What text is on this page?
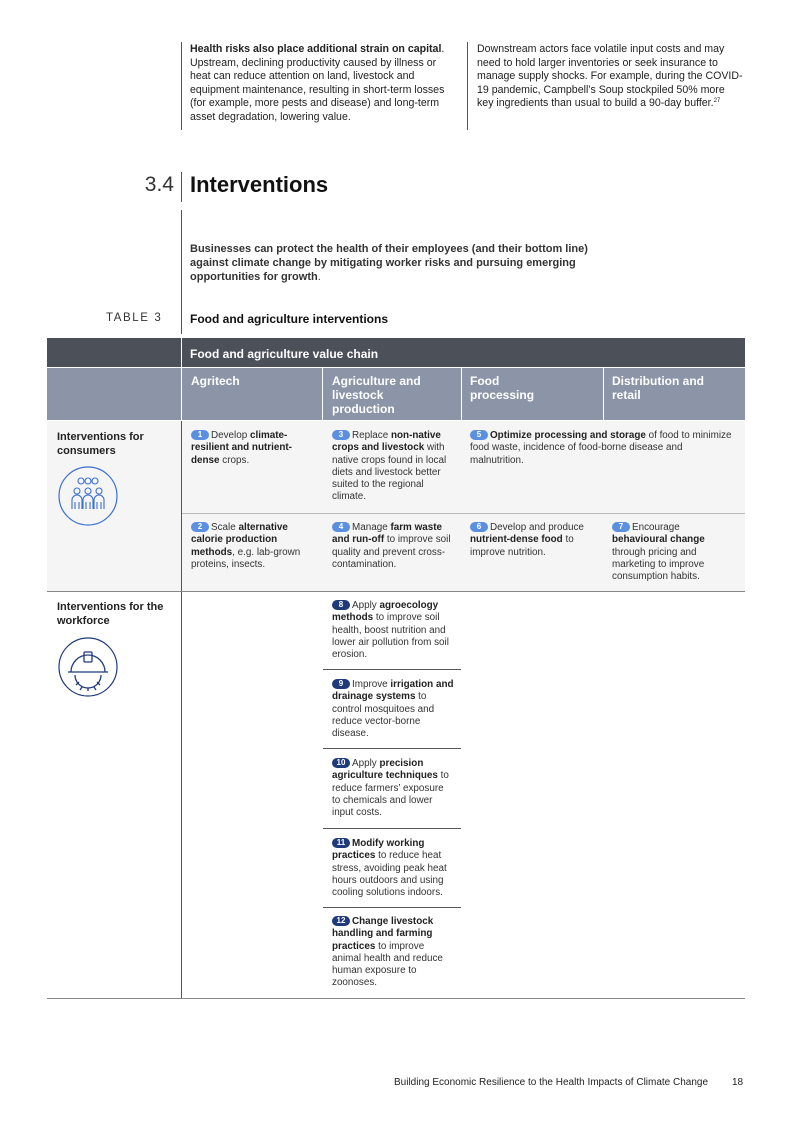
Health risks also place additional strain on capital. Upstream, declining productivity caused by illness or heat can reduce attention on land, livestock and equipment maintenance, resulting in short-term losses (for example, more pests and disease) and long-term asset degradation, lowering value.
Downstream actors face volatile input costs and may need to hold larger inventories or seek insurance to manage supply shocks. For example, during the COVID-19 pandemic, Campbell’s Soup stockpiled 50% more key ingredients than usual to build a 90-day buffer.$^{27}$
3.4 Interventions
Businesses can protect the health of their employees (and their bottom line) against climate change by mitigating worker risks and pursuing emerging opportunities for growth.
TABLE 3 Food and agriculture interventions
Food and agriculture value chain
Agritech	Agriculture and livestock production
Food processing
Distribution and retail
Interventions for consumers
1 Develop climate-resilient and nutrient-dense crops.
3 Replace non-native crops and livestock with native crops found in local diets and livestock better suited to the regional climate.
5 Optimize processing and storage of food to minimize food waste, incidence of food-borne disease and malnutrition.
2 Scale alternative calorie production methods, e.g. lab-grown proteins, insects.
4 Manage farm waste and run-off to improve soil quality and prevent cross-contamination.
6 Develop and produce nutrient-dense food to improve nutrition.
7 Encourage behavioural change through pricing and marketing to improve consumption habits.
Interventions for the workforce
8 Apply agroecology methods to improve soil health, boost nutrition and lower air pollution from soil erosion.
9 Improve irrigation and drainage systems to control mosquitoes and reduce vector-borne disease.
10 Apply precision agriculture techniques to reduce farmers’ exposure to chemicals and lower input costs.
11 Modify working practices to reduce heat stress, avoiding peak heat hours outdoors and using cooling solutions indoors.
12 Change livestock handling and farming practices to improve animal health and reduce human exposure to zoonoses.
Building Economic Resilience to the Health Impacts of Climate Change 18
